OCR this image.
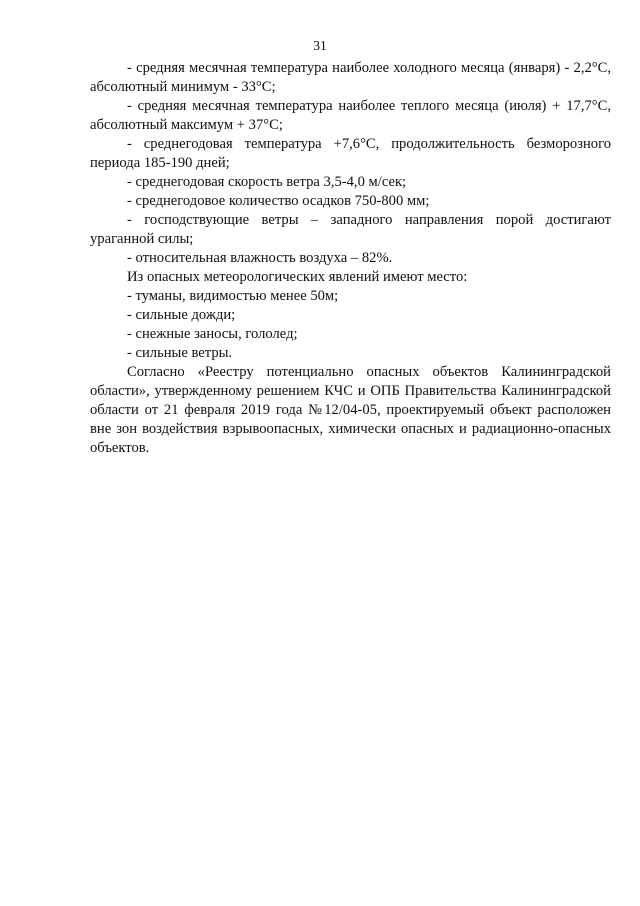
31

- средняя месячная температура наиболее холодного месяца (января) - 2,2°С, абсолютный минимум - 33°С;

- средняя месячная температура наиболее теплого месяца (июля) + 17,7°С, абсолютный максимум + 37°С;

- среднегодовая температура +7,6°С, продолжительность безморозного периода 185-190 дней;

- среднегодовая скорость ветра 3,5-4,0 м/сек;

- среднегодовое количество осадков 750-800 мм;

- господствующие ветры – западного направления порой достигают ураганной силы;

- относительная влажность воздуха – 82%.

Из опасных метеорологических явлений имеют место:

- туманы, видимостью менее 50м;

- сильные дожди;

- снежные заносы, гололед;

- сильные ветры.

Согласно «Реестру потенциально опасных объектов Калининградской области», утвержденному решением КЧС и ОПБ Правительства Калининградской области от 21 февраля 2019 года №12/04-05, проектируемый объект расположен вне зон воздействия взрывоопасных, химически опасных и радиационно-опасных объектов.
